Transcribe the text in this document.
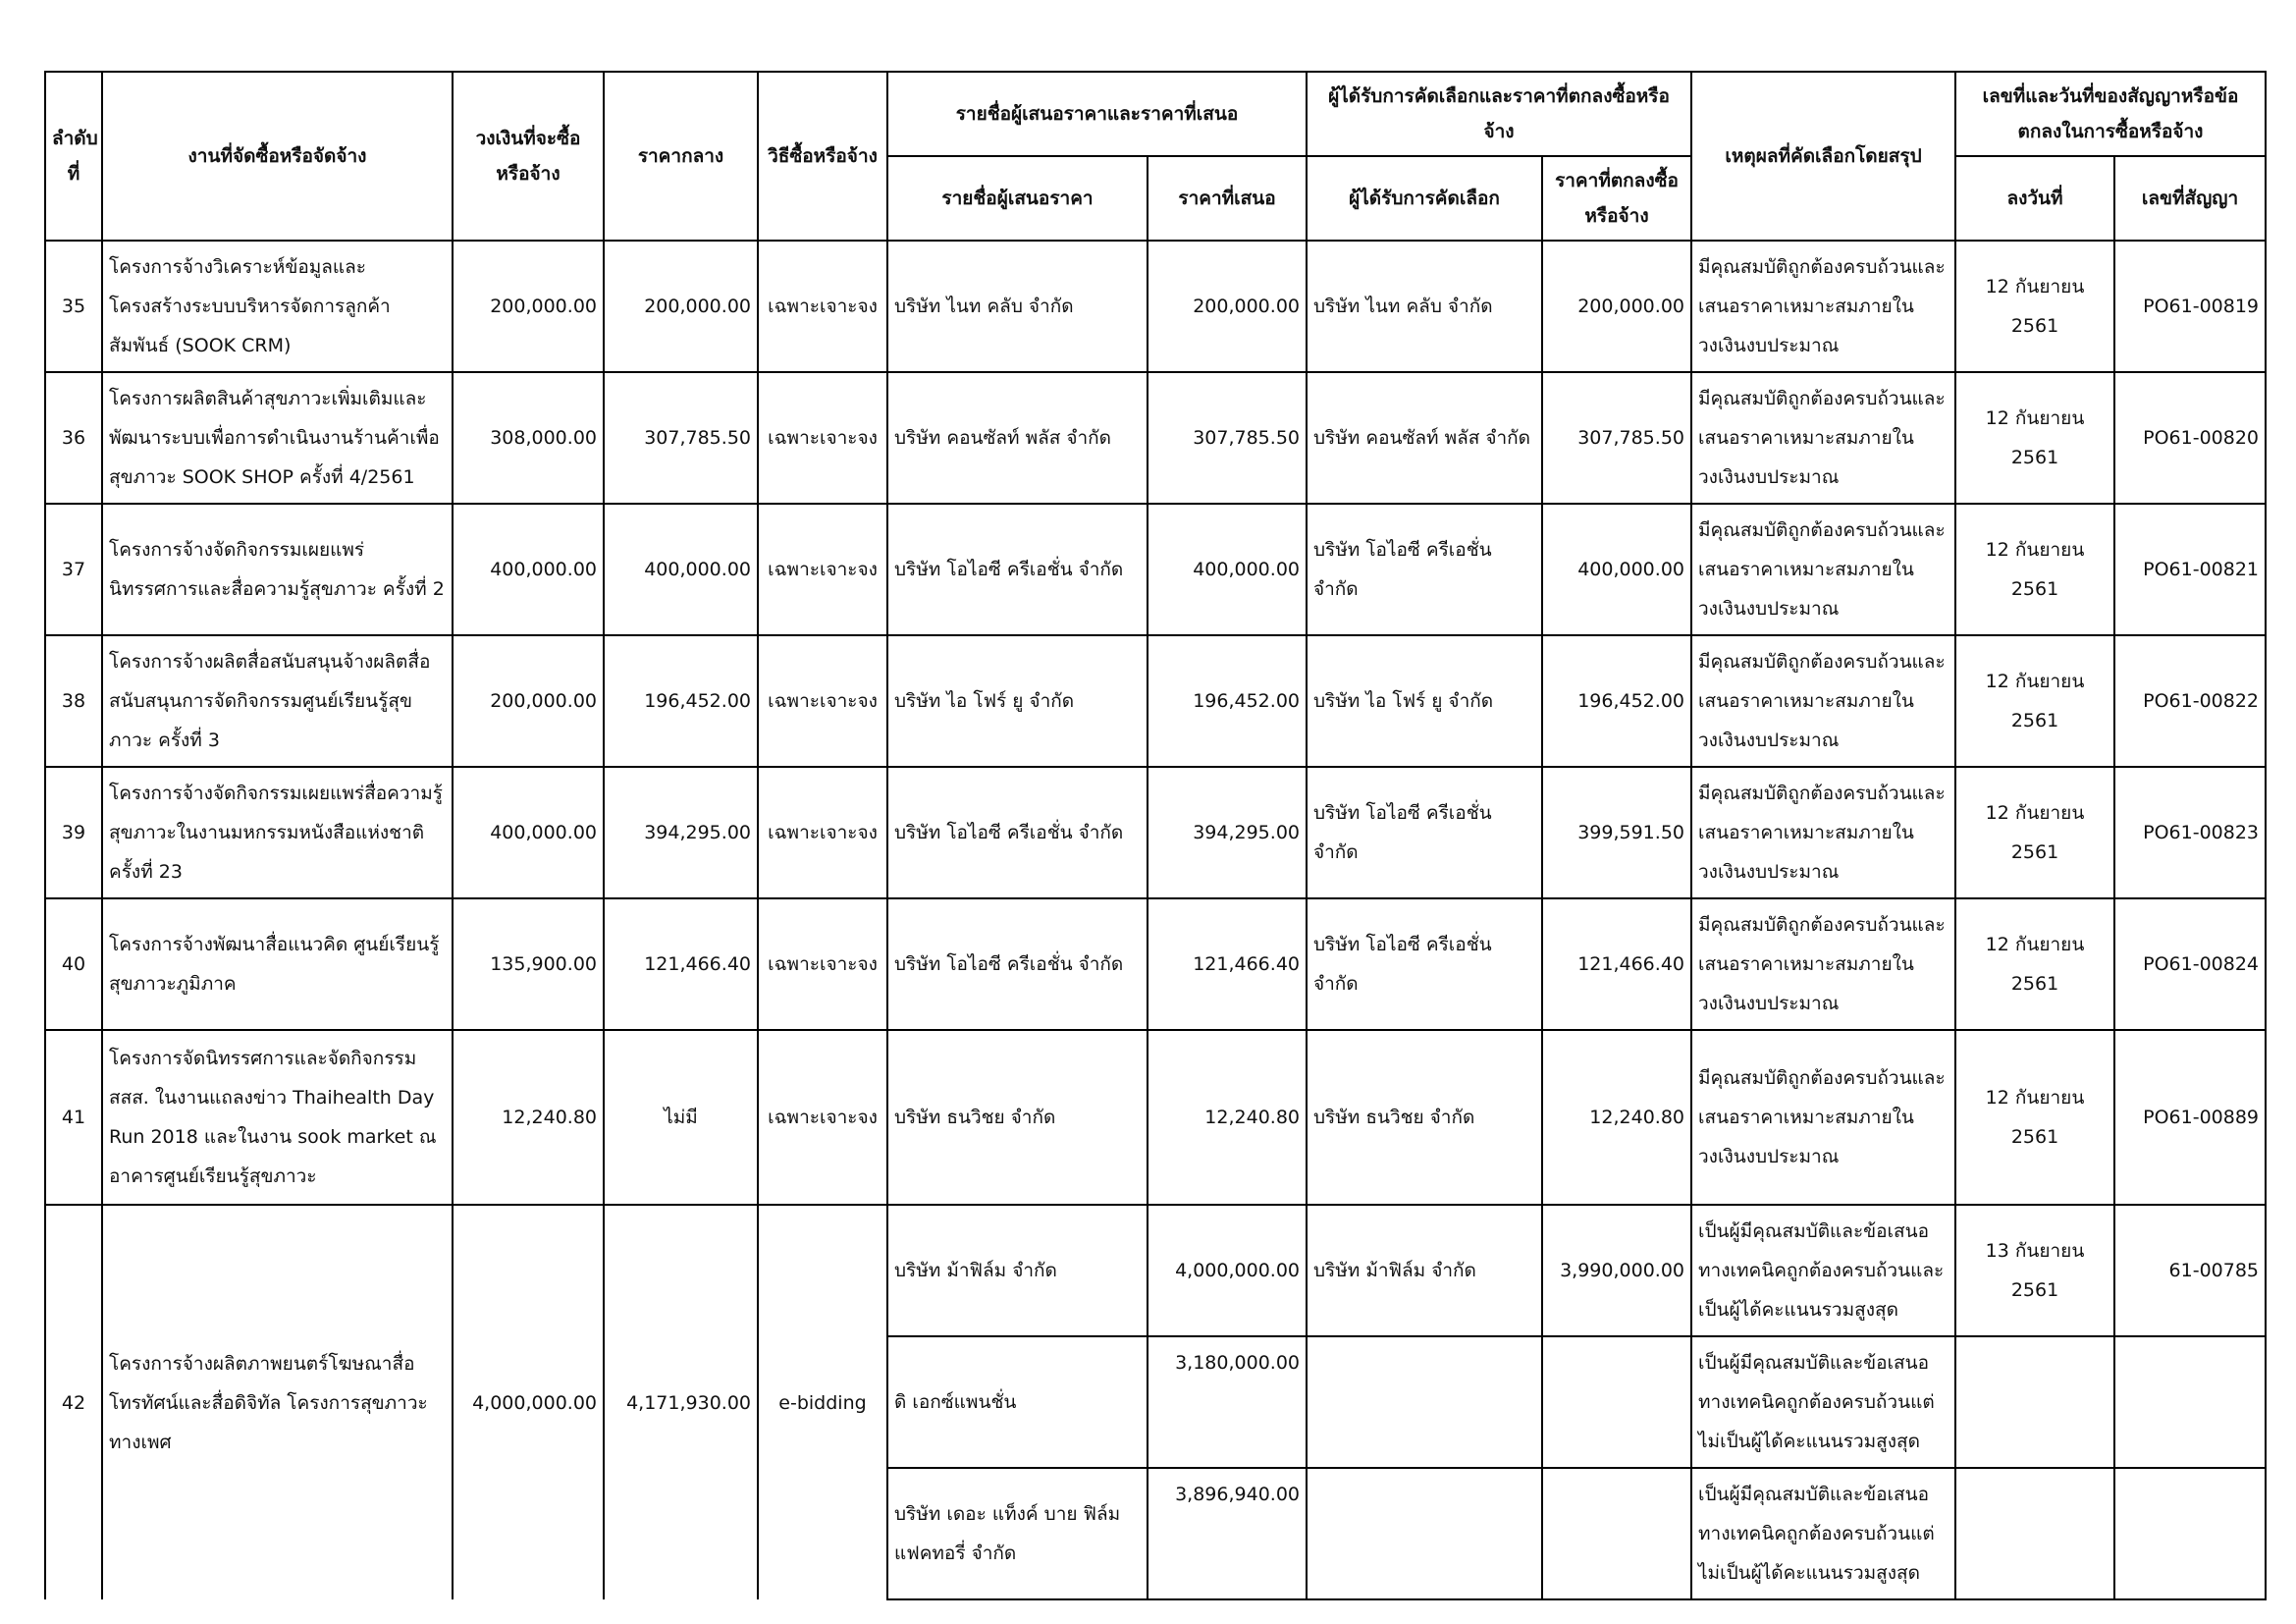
ลำดับที่	งานที่จัดซื้อหรือจัดจ้าง	วงเงินที่จะซื้อหรือจ้าง	ราคากลาง	วิธีซื้อหรือจ้าง	รายชื่อผู้เสนอราคาและราคาที่เสนอ		ผู้ได้รับการคัดเลือกและราคาที่ตกลงซื้อหรือจ้าง		เหตุผลที่คัดเลือกโดยสรุป	เลขที่และวันที่ของสัญญาหรือข้อตกลงในการซื้อหรือจ้าง	
					รายชื่อผู้เสนอราคา	ราคาที่เสนอ	ผู้ได้รับการคัดเลือก	ราคาที่ตกลงซื้อหรือจ้าง		ลงวันที่	เลขที่สัญญา
35	โครงการจ้างวิเคราะห์ข้อมูลและโครงสร้างระบบบริหารจัดการลูกค้าสัมพันธ์ (SOOK CRM)	200,000.00	200,000.00	เฉพาะเจาะจง	บริษัท ไนท คลับ จำกัด	200,000.00	บริษัท ไนท คลับ จำกัด	200,000.00	มีคุณสมบัติถูกต้องครบถ้วนและเสนอราคาเหมาะสมภายในวงเงินงบประมาณ	12 กันยายน 2561	PO61-00819
36	โครงการผลิตสินค้าสุขภาวะเพิ่มเติมและพัฒนาระบบเพื่อการดำเนินงานร้านค้าเพื่อสุขภาวะ SOOK SHOP ครั้งที่ 4/2561	308,000.00	307,785.50	เฉพาะเจาะจง	บริษัท คอนซัลท์ พลัส จำกัด	307,785.50	บริษัท คอนซัลท์ พลัส จำกัด	307,785.50	มีคุณสมบัติถูกต้องครบถ้วนและเสนอราคาเหมาะสมภายในวงเงินงบประมาณ	12 กันยายน 2561	PO61-00820
37	โครงการจ้างจัดกิจกรรมเผยแพร่นิทรรศการและสื่อความรู้สุขภาวะ ครั้งที่ 2	400,000.00	400,000.00	เฉพาะเจาะจง	บริษัท โอไอซี ครีเอชั่น จำกัด	400,000.00	บริษัท โอไอซี ครีเอชั่น จำกัด	400,000.00	มีคุณสมบัติถูกต้องครบถ้วนและเสนอราคาเหมาะสมภายในวงเงินงบประมาณ	12 กันยายน 2561	PO61-00821
38	โครงการจ้างผลิตสื่อสนับสนุนจ้างผลิตสื่อสนับสนุนการจัดกิจกรรมศูนย์เรียนรู้สุขภาวะ ครั้งที่ 3	200,000.00	196,452.00	เฉพาะเจาะจง	บริษัท ไอ โฟร์ ยู จำกัด	196,452.00	บริษัท ไอ โฟร์ ยู จำกัด	196,452.00	มีคุณสมบัติถูกต้องครบถ้วนและเสนอราคาเหมาะสมภายในวงเงินงบประมาณ	12 กันยายน 2561	PO61-00822
39	โครงการจ้างจัดกิจกรรมเผยแพร่สื่อความรู้สุขภาวะในงานมหกรรมหนังสือแห่งชาติ ครั้งที่ 23	400,000.00	394,295.00	เฉพาะเจาะจง	บริษัท โอไอซี ครีเอชั่น จำกัด	394,295.00	บริษัท โอไอซี ครีเอชั่น จำกัด	399,591.50	มีคุณสมบัติถูกต้องครบถ้วนและเสนอราคาเหมาะสมภายในวงเงินงบประมาณ	12 กันยายน 2561	PO61-00823
40	โครงการจ้างพัฒนาสื่อแนวคิด ศูนย์เรียนรู้สุขภาวะภูมิภาค	135,900.00	121,466.40	เฉพาะเจาะจง	บริษัท โอไอซี ครีเอชั่น จำกัด	121,466.40	บริษัท โอไอซี ครีเอชั่น จำกัด	121,466.40	มีคุณสมบัติถูกต้องครบถ้วนและเสนอราคาเหมาะสมภายในวงเงินงบประมาณ	12 กันยายน 2561	PO61-00824
41	โครงการจัดนิทรรศการและจัดกิจกรรม สสส. ในงานแถลงข่าว Thaihealth Day Run 2018 และในงาน sook market ณ อาคารศูนย์เรียนรู้สุขภาวะ	12,240.80	ไม่มี	เฉพาะเจาะจง	บริษัท ธนวิชย จำกัด	12,240.80	บริษัท ธนวิชย จำกัด	12,240.80	มีคุณสมบัติถูกต้องครบถ้วนและเสนอราคาเหมาะสมภายในวงเงินงบประมาณ	12 กันยายน 2561	PO61-00889
42	โครงการจ้างผลิตภาพยนตร์โฆษณาสื่อโทรทัศน์และสื่อดิจิทัล โครงการสุขภาวะทางเพศ	4,000,000.00	4,171,930.00	e-bidding	บริษัท ม้าฟิล์ม จำกัด	4,000,000.00	บริษัท ม้าฟิล์ม จำกัด	3,990,000.00	เป็นผู้มีคุณสมบัติและข้อเสนอทางเทคนิคถูกต้องครบถ้วนและเป็นผู้ได้คะแนนรวมสูงสุด	13 กันยายน 2561	61-00785
					ดิ เอกซ์แพนชั่น	3,180,000.00			เป็นผู้มีคุณสมบัติและข้อเสนอทางเทคนิคถูกต้องครบถ้วนแต่ไม่เป็นผู้ได้คะแนนรวมสูงสุด		
					บริษัท เดอะ แท็งค์ บาย ฟิล์ม แฟคทอรี่ จำกัด	3,896,940.00			เป็นผู้มีคุณสมบัติและข้อเสนอทางเทคนิคถูกต้องครบถ้วนแต่ไม่เป็นผู้ได้คะแนนรวมสูงสุด		
